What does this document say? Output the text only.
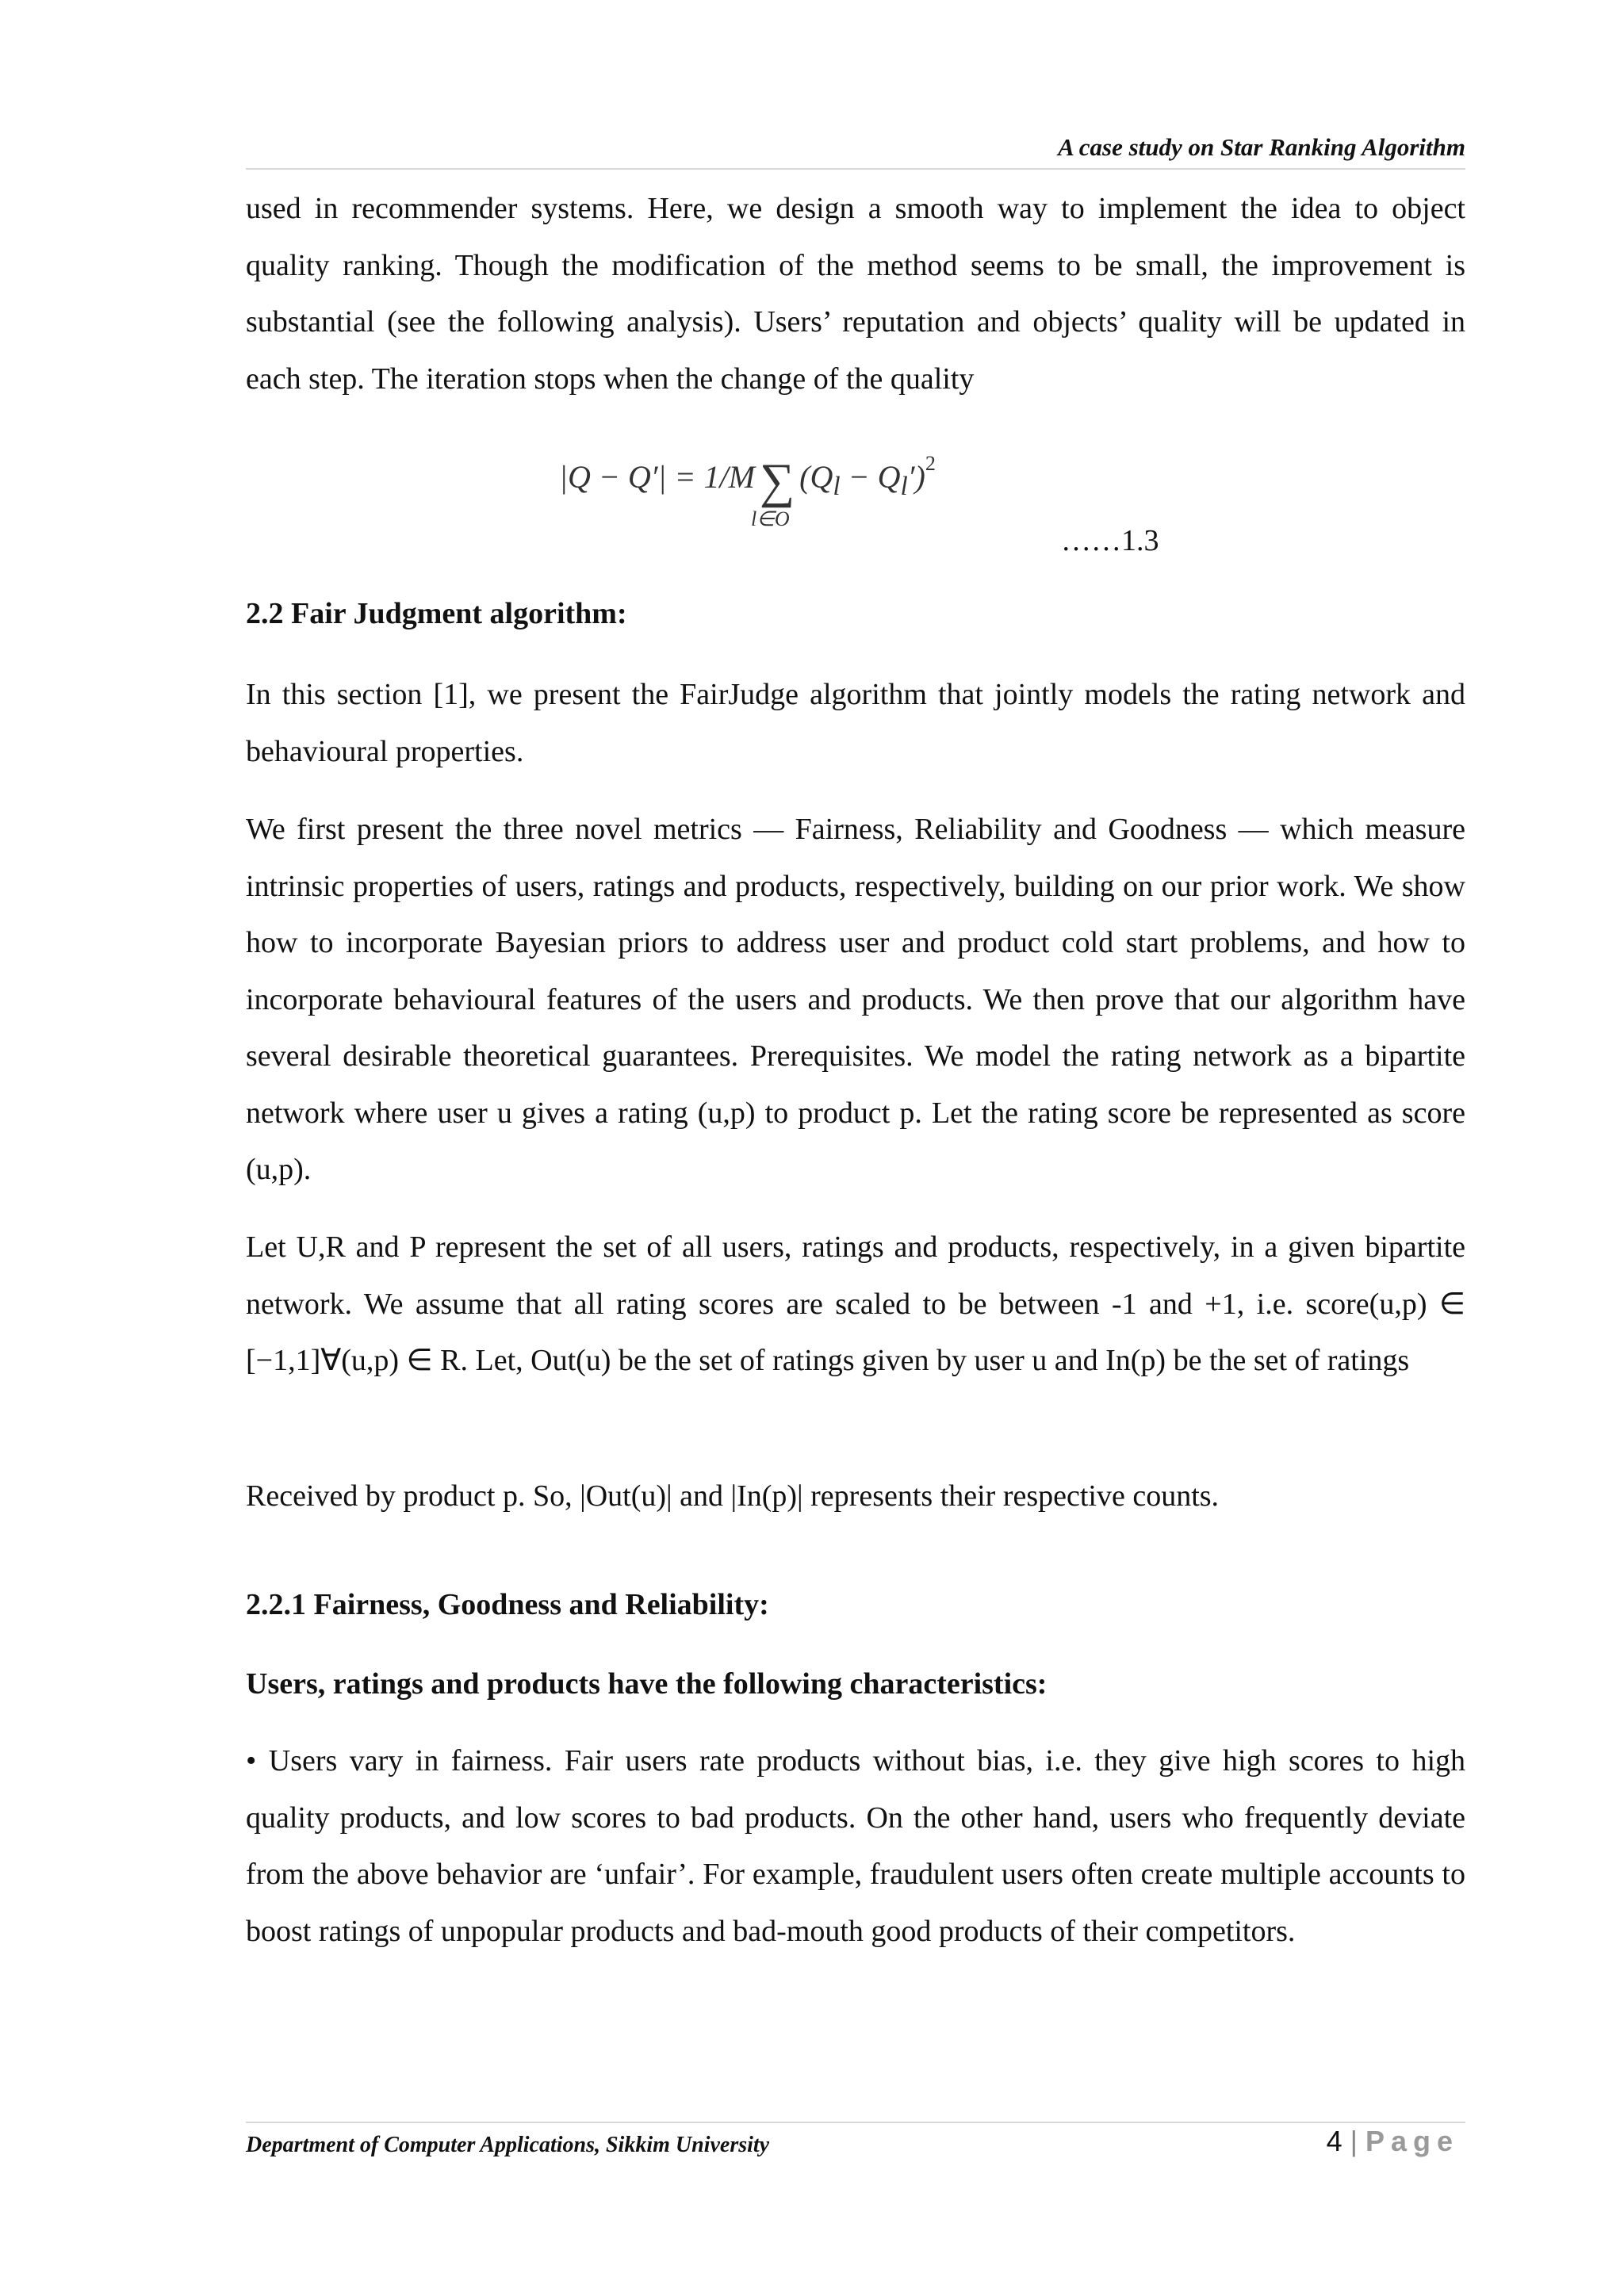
A case study on Star Ranking Algorithm

used in recommender systems. Here, we design a smooth way to implement the idea to object quality ranking. Though the modification of the method seems to be small, the improvement is substantial (see the following analysis). Users’ reputation and objects’ quality will be updated in each step. The iteration stops when the change of the quality

|Q − Q′| = 1/M∑ $(Q_l - Q_l')^2$
l∈O
……1.3
2.2 Fair Judgment algorithm:

In this section [1], we present the FairJudge algorithm that jointly models the rating network and behavioural properties.

We first present the three novel metrics — Fairness, Reliability and Goodness — which measure intrinsic properties of users, ratings and products, respectively, building on our prior work. We show how to incorporate Bayesian priors to address user and product cold start problems, and how to incorporate behavioural features of the users and products. We then prove that our algorithm have several desirable theoretical guarantees. Prerequisites. We model the rating network as a bipartite network where user u gives a rating (u,p) to product p. Let the rating score be represented as score (u,p).

Let U,R and P represent the set of all users, ratings and products, respectively, in a given bipartite network. We assume that all rating scores are scaled to be between -1 and +1, i.e. score(u,p) ∈ [−1,1]∀(u,p) ∈ R. Let, Out(u) be the set of ratings given by user u and In(p) be the set of ratings

Received by product p. So, |Out(u)| and |In(p)| represents their respective counts.

2.2.1 Fairness, Goodness and Reliability:
Users, ratings and products have the following characteristics:

• Users vary in fairness. Fair users rate products without bias, i.e. they give high scores to high quality products, and low scores to bad products. On the other hand, users who frequently deviate from the above behavior are ‘unfair’. For example, fraudulent users often create multiple accounts to boost ratings of unpopular products and bad-mouth good products of their competitors.

Department of Computer Applications, Sikkim University	4 | Page
